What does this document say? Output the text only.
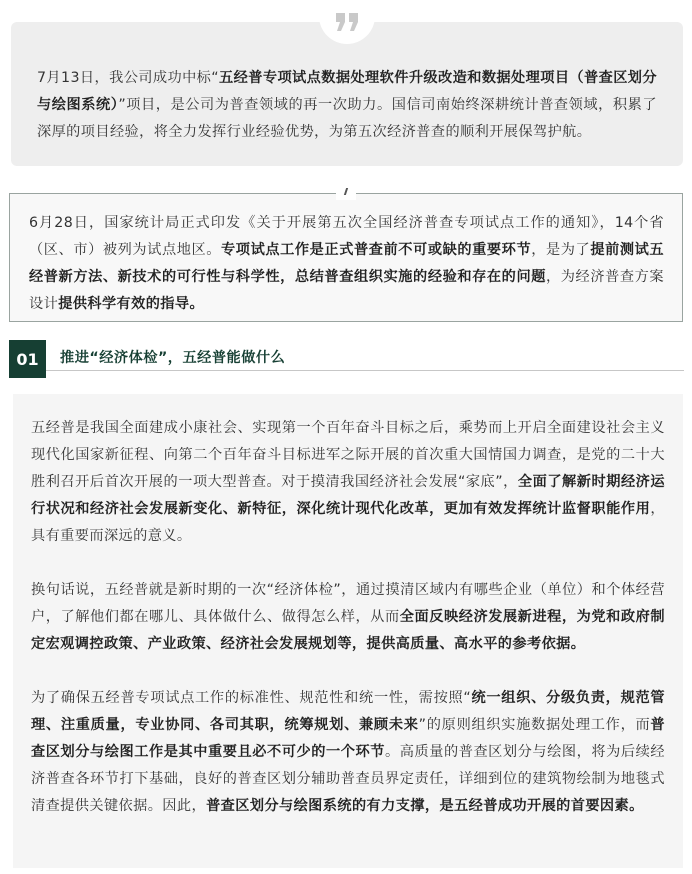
7月13日，我公司成功中标“五经普专项试点数据处理软件升级改造和数据处理项目（普查区划分与绘图系统）”项目，是公司为普查领域的再一次助力。国信司南始终深耕统计普查领域，积累了深厚的项目经验，将全力发挥行业经验优势，为第五次经济普查的顺利开展保驾护航。

6月28日，国家统计局正式印发《关于开展第五次全国经济普查专项试点工作的通知》，14个省（区、市）被列为试点地区。专项试点工作是正式普查前不可或缺的重要环节，是为了提前测试五经普新方法、新技术的可行性与科学性，总结普查组织实施的经验和存在的问题，为经济普查方案设计提供科学有效的指导。

01	推进“经济体检”，五经普能做什么

五经普是我国全面建成小康社会、实现第一个百年奋斗目标之后，乘势而上开启全面建设社会主义现代化国家新征程、向第二个百年奋斗目标进军之际开展的首次重大国情国力调查，是党的二十大胜利召开后首次开展的一项大型普查。对于摸清我国经济社会发展“家底”，全面了解新时期经济运行状况和经济社会发展新变化、新特征，深化统计现代化改革，更加有效发挥统计监督职能作用，具有重要而深远的意义。

换句话说，五经普就是新时期的一次“经济体检”，通过摸清区域内有哪些企业（单位）和个体经营户，了解他们都在哪儿、具体做什么、做得怎么样，从而全面反映经济发展新进程，为党和政府制定宏观调控政策、产业政策、经济社会发展规划等，提供高质量、高水平的参考依据。

为了确保五经普专项试点工作的标准性、规范性和统一性，需按照“统一组织、分级负责，规范管理、注重质量，专业协同、各司其职，统筹规划、兼顾未来”的原则组织实施数据处理工作，而普查区划分与绘图工作是其中重要且必不可少的一个环节。高质量的普查区划分与绘图，将为后续经济普查各环节打下基础，良好的普查区划分辅助普查员界定责任，详细到位的建筑物绘制为地毯式清查提供关键依据。因此，普查区划分与绘图系统的有力支撑，是五经普成功开展的首要因素。
